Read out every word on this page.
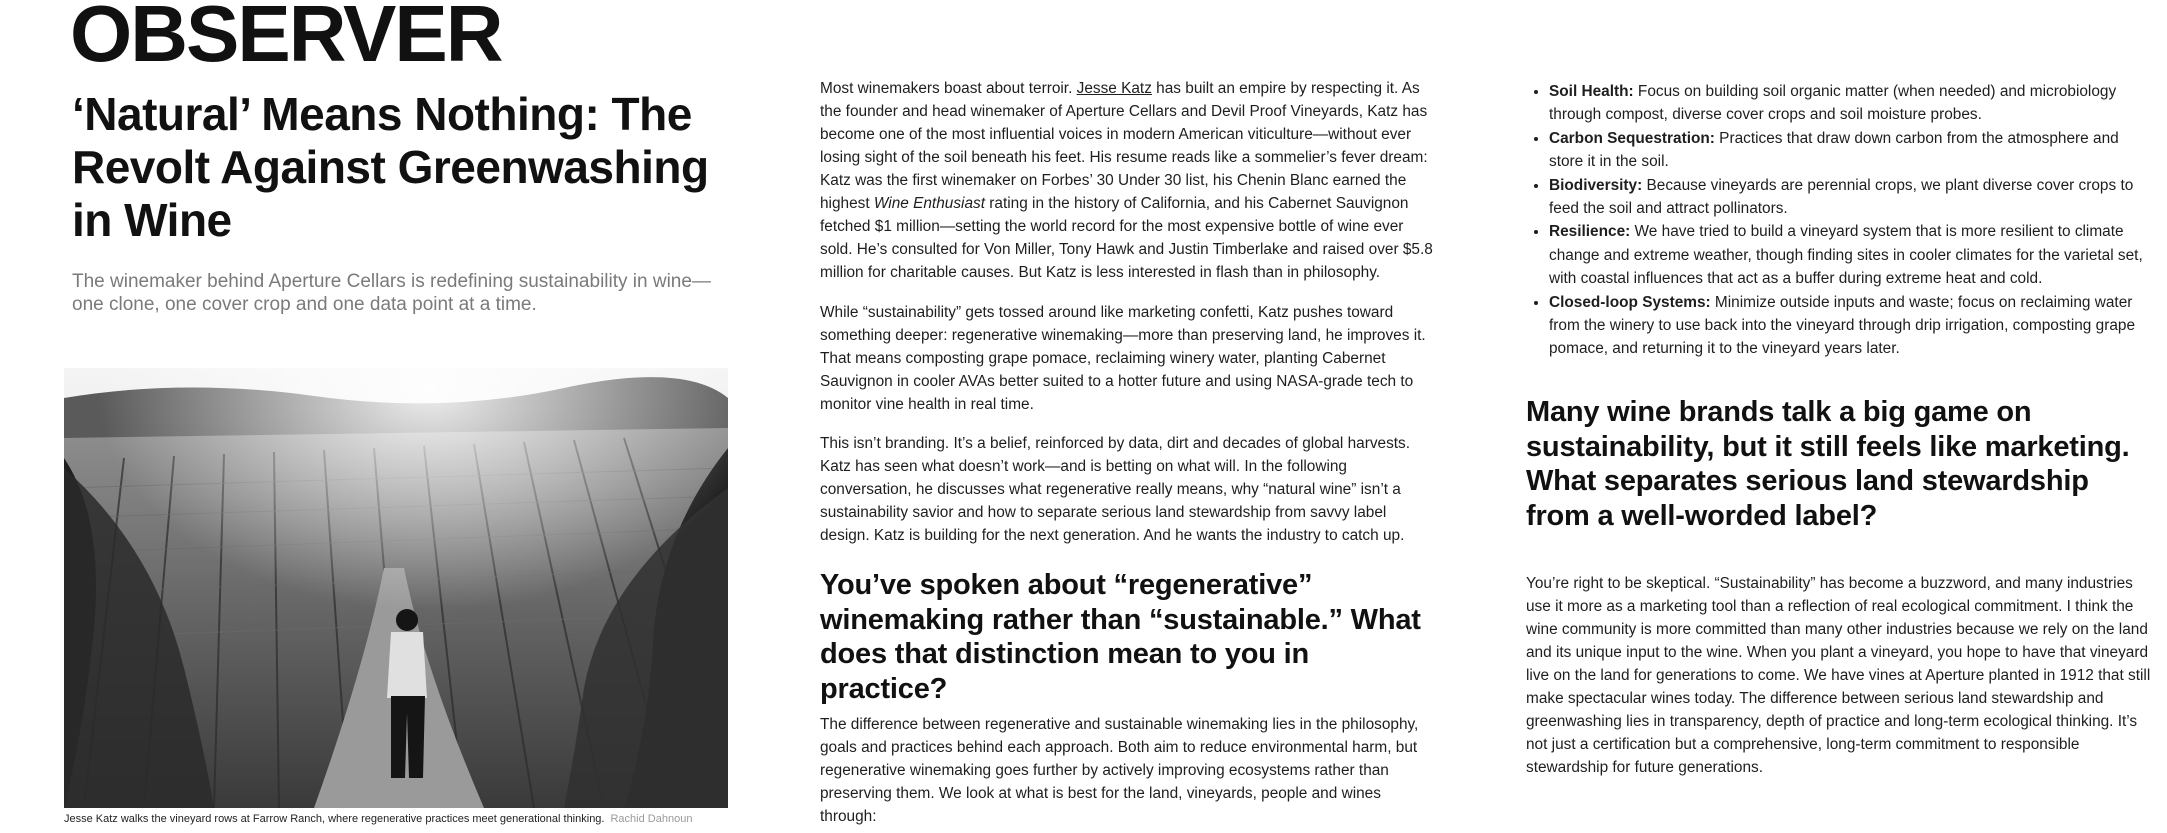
OBSERVER
‘Natural’ Means Nothing: The Revolt Against Greenwashing in Wine
The winemaker behind Aperture Cellars is redefining sustainability in wine—one clone, one cover crop and one data point at a time.
Jesse Katz walks the vineyard rows at Farrow Ranch, where regenerative practices meet generational thinking. Rachid Dahnoun
Most winemakers boast about terroir. Jesse Katz has built an empire by respecting it. As the founder and head winemaker of Aperture Cellars and Devil Proof Vineyards, Katz has become one of the most influential voices in modern American viticulture—without ever losing sight of the soil beneath his feet. His resume reads like a sommelier’s fever dream: Katz was the first winemaker on Forbes’ 30 Under 30 list, his Chenin Blanc earned the highest Wine Enthusiast rating in the history of California, and his Cabernet Sauvignon fetched $1 million—setting the world record for the most expensive bottle of wine ever sold. He’s consulted for Von Miller, Tony Hawk and Justin Timberlake and raised over $5.8 million for charitable causes. But Katz is less interested in flash than in philosophy.
While “sustainability” gets tossed around like marketing confetti, Katz pushes toward something deeper: regenerative winemaking—more than preserving land, he improves it. That means composting grape pomace, reclaiming winery water, planting Cabernet Sauvignon in cooler AVAs better suited to a hotter future and using NASA-grade tech to monitor vine health in real time.
This isn’t branding. It’s a belief, reinforced by data, dirt and decades of global harvests. Katz has seen what doesn’t work—and is betting on what will. In the following conversation, he discusses what regenerative really means, why “natural wine” isn’t a sustainability savior and how to separate serious land stewardship from savvy label design. Katz is building for the next generation. And he wants the industry to catch up.
You’ve spoken about “regenerative” winemaking rather than “sustainable.” What does that distinction mean to you in practice?
The difference between regenerative and sustainable winemaking lies in the philosophy, goals and practices behind each approach. Both aim to reduce environmental harm, but regenerative winemaking goes further by actively improving ecosystems rather than preserving them. We look at what is best for the land, vineyards, people and wines through:
• Soil Health: Focus on building soil organic matter (when needed) and microbiology through compost, diverse cover crops and soil moisture probes.
• Carbon Sequestration: Practices that draw down carbon from the atmosphere and store it in the soil.
• Biodiversity: Because vineyards are perennial crops, we plant diverse cover crops to feed the soil and attract pollinators.
• Resilience: We have tried to build a vineyard system that is more resilient to climate change and extreme weather, though finding sites in cooler climates for the varietal set, with coastal influences that act as a buffer during extreme heat and cold.
• Closed-loop Systems: Minimize outside inputs and waste; focus on reclaiming water from the winery to use back into the vineyard through drip irrigation, composting grape pomace, and returning it to the vineyard years later.
Many wine brands talk a big game on sustainability, but it still feels like marketing. What separates serious land stewardship from a well-worded label?
You’re right to be skeptical. “Sustainability” has become a buzzword, and many industries use it more as a marketing tool than a reflection of real ecological commitment. I think the wine community is more committed than many other industries because we rely on the land and its unique input to the wine. When you plant a vineyard, you hope to have that vineyard live on the land for generations to come. We have vines at Aperture planted in 1912 that still make spectacular wines today. The difference between serious land stewardship and greenwashing lies in transparency, depth of practice and long-term ecological thinking. It’s not just a certification but a comprehensive, long-term commitment to responsible stewardship for future generations.
